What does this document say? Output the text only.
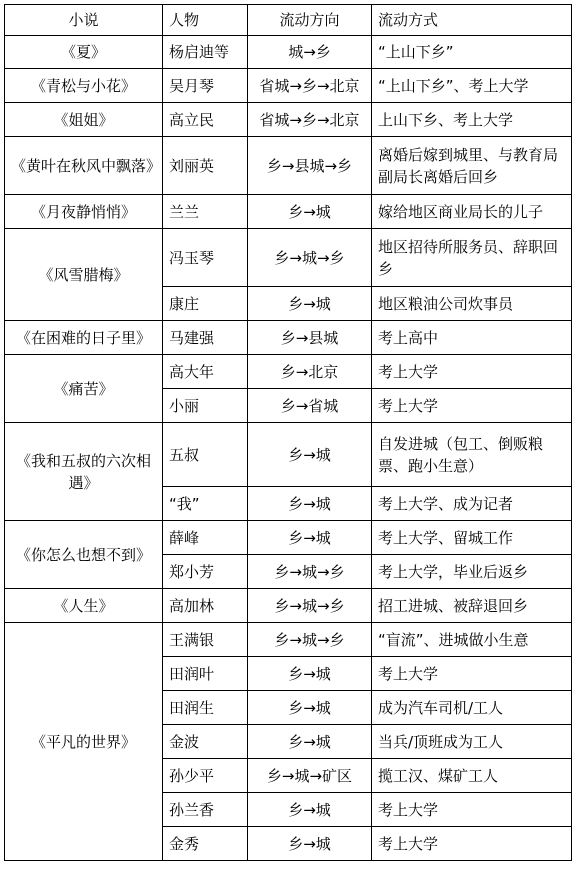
小说	人物	流动方向	流动方式
《夏》	杨启迪等	城→乡	“上山下乡”
《青松与小花》	吴月琴	省城→乡→北京	“上山下乡”、考上大学
《姐姐》	高立民	省城→乡→北京	上山下乡、考上大学
《黄叶在秋风中飘落》	刘丽英	乡→县城→乡	离婚后嫁到城里、与教育局副局长离婚后回乡
《月夜静悄悄》	兰兰	乡→城	嫁给地区商业局长的儿子
《风雪腊梅》	冯玉琴	乡→城→乡	地区招待所服务员、辞职回乡
	康庄	乡→城	地区粮油公司炊事员
《在困难的日子里》	马建强	乡→县城	考上高中
《痛苦》	高大年	乡→北京	考上大学
	小丽	乡→省城	考上大学
《我和五叔的六次相遇》	五叔	乡→城	自发进城（包工、倒贩粮票、跑小生意）
	“我”	乡→城	考上大学、成为记者
《你怎么也想不到》	薛峰	乡→城	考上大学、留城工作
	郑小芳	乡→城→乡	考上大学，毕业后返乡
《人生》	高加林	乡→城→乡	招工进城、被辞退回乡
《平凡的世界》	王满银	乡→城→乡	“盲流”、进城做小生意
	田润叶	乡→城	考上大学
	田润生	乡→城	成为汽车司机/工人
	金波	乡→城	当兵/顶班成为工人
	孙少平	乡→城→矿区	揽工汉、煤矿工人
	孙兰香	乡→城	考上大学
	金秀	乡→城	考上大学
